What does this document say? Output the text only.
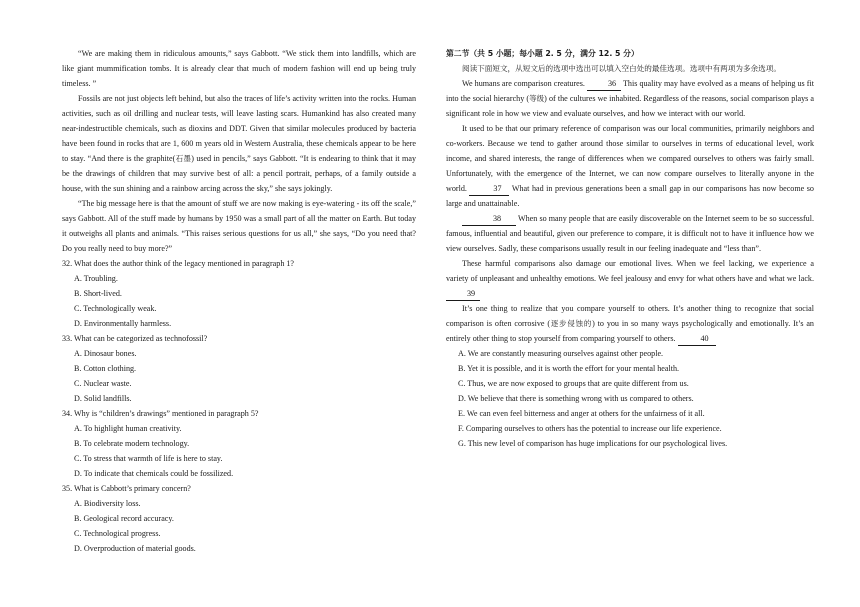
“We are making them in ridiculous amounts,” says Gabbott. “We stick them into landfills, which are like giant mummification tombs. It is already clear that much of modern fashion will end up being truly timeless. ”

Fossils are not just objects left behind, but also the traces of life’s activity written into the rocks. Human activities, such as oil drilling and nuclear tests, will leave lasting scars. Humankind has also created many near-indestructible chemicals, such as dioxins and DDT. Given that similar molecules produced by bacteria have been found in rocks that are 1, 600 m years old in Western Australia, these chemicals appear to be here to stay. “And there is the graphite(石墨) used in pencils,” says Gabbott. “It is endearing to think that it may be the drawings of children that may survive best of all: a pencil portrait, perhaps, of a family outside a house, with the sun shining and a rainbow arcing across the sky,” she says jokingly.

“The big message here is that the amount of stuff we are now making is eye-watering - its off the scale,” says Gabbott. All of the stuff made by humans by 1950 was a small part of all the matter on Earth. But today it outweighs all plants and animals. “This raises serious questions for us all,” she says, “Do you need that? Do you really need to buy more?”

32. What does the author think of the legacy mentioned in paragraph 1?

A. Troubling.

B. Short-lived.

C. Technologically weak.

D. Environmentally harmless.

33. What can be categorized as technofossil?

A. Dinosaur bones.

B. Cotton clothing.

C. Nuclear waste.

D. Solid landfills.

34. Why is “children’s drawings” mentioned in paragraph 5?

A. To highlight human creativity.

B. To celebrate modern technology.

C. To stress that warmth of life is here to stay.

D. To indicate that chemicals could be fossilized.

35. What is Cabbott’s primary concern?

A. Biodiversity loss.

B. Geological record accuracy.

C. Technological progress.

D. Overproduction of material goods.

第二节（共 5 小题；每小题 2. 5 分，满分 12. 5 分）

阅读下面短文，从短文后的选项中选出可以填入空白处的最佳选项。选项中有两项为多余选项。

We humans are comparison creatures.	36 This quality may have evolved as a means of helping us fit into the social hierarchy (等级) of the cultures we inhabited. Regardless of the reasons, social comparison plays a significant role in how we view and evaluate ourselves, and how we interact with our world.

It used to be that our primary reference of comparison was our local communities, primarily neighbors and co-workers. Because we tend to gather around those similar to ourselves in terms of educational level, work income, and shared interests, the range of differences when we compared ourselves to others was fairly small. Unfortunately, with the emergence of the Internet, we can now compare ourselves to literally anyone in the world.	37 What had in previous generations been a small gap in our comparisons has now become so large and unattainable.

38 When so many people that are easily discoverable on the Internet seem to be so successful. famous, influential and beautiful, given our preference to compare, it is difficult not to have it influence how we view ourselves. Sadly, these comparisons usually result in our feeling inadequate and “less than”.

These harmful comparisons also damage our emotional lives. When we feel lacking, we experience a variety of unpleasant and unhealthy emotions. We feel jealousy and envy for what others have and what we lack. 39

It’s one thing to realize that you compare yourself to others. It’s another thing to recognize that social comparison is often corrosive (逐步侵蚀的) to you in so many ways psychologically and emotionally. It’s an entirely other thing to stop yourself from comparing yourself to others.	40

A. We are constantly measuring ourselves against other people.

B. Yet it is possible, and it is worth the effort for your mental health.

C. Thus, we are now exposed to groups that are quite different from us.

D. We believe that there is something wrong with us compared to others.

E. We can even feel bitterness and anger at others for the unfairness of it all.

F. Comparing ourselves to others has the potential to increase our life experience.

G. This new level of comparison has huge implications for our psychological lives.
